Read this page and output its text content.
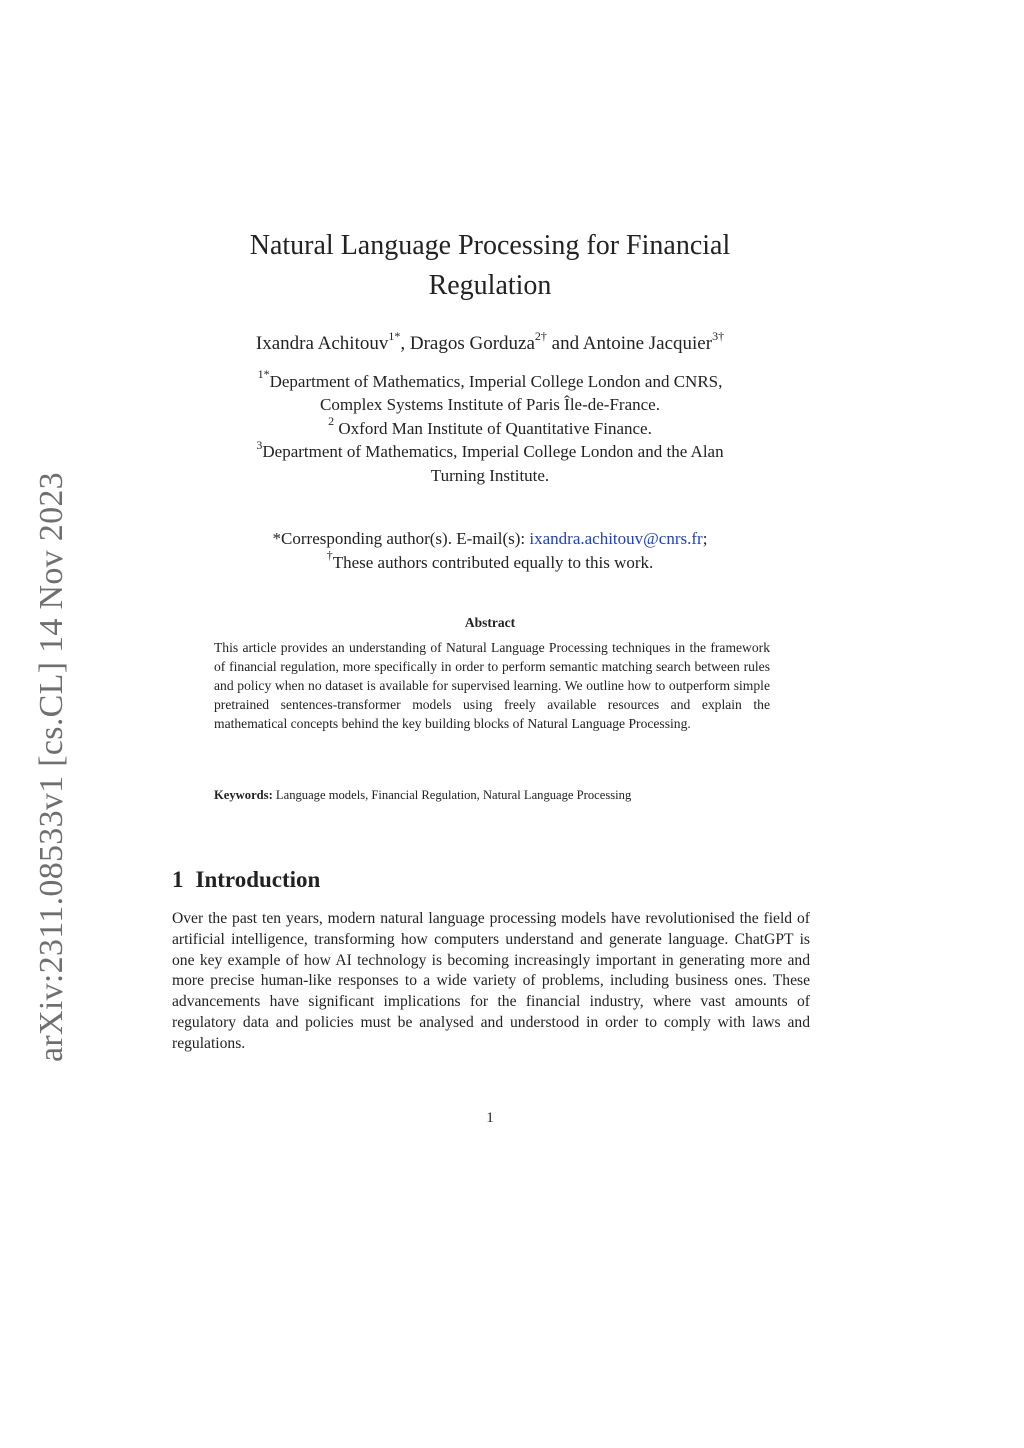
arXiv:2311.08533v1 [cs.CL] 14 Nov 2023
Natural Language Processing for Financial
Regulation
Ixandra Achitouv$^{1*}$, Dragos Gorduza$^{2\dagger}$ and Antoine Jacquier$^{3\dagger}$
$^{1*}$Department of Mathematics, Imperial College London and CNRS,
Complex Systems Institute of Paris Île-de-France.
$^2$ Oxford Man Institute of Quantitative Finance.
$^3$Department of Mathematics, Imperial College London and the Alan
Turning Institute.
*Corresponding author(s). E-mail(s): ixandra.achitouv@cnrs.fr;
†These authors contributed equally to this work.
Abstract
This article provides an understanding of Natural Language Processing techniques in the framework of financial regulation, more specifically in order to perform semantic matching search between rules and policy when no dataset is available for supervised learning. We outline how to outperform simple pretrained sentences-transformer models using freely available resources and explain the mathematical concepts behind the key building blocks of Natural Language Processing.
Keywords: Language models, Financial Regulation, Natural Language Processing
1 Introduction
Over the past ten years, modern natural language processing models have revolutionised the field of artificial intelligence, transforming how computers understand and generate language. ChatGPT is one key example of how AI technology is becoming increasingly important in generating more and more precise human-like responses to a wide variety of problems, including business ones. These advancements have significant implications for the financial industry, where vast amounts of regulatory data and policies must be analysed and understood in order to comply with laws and regulations.
1
